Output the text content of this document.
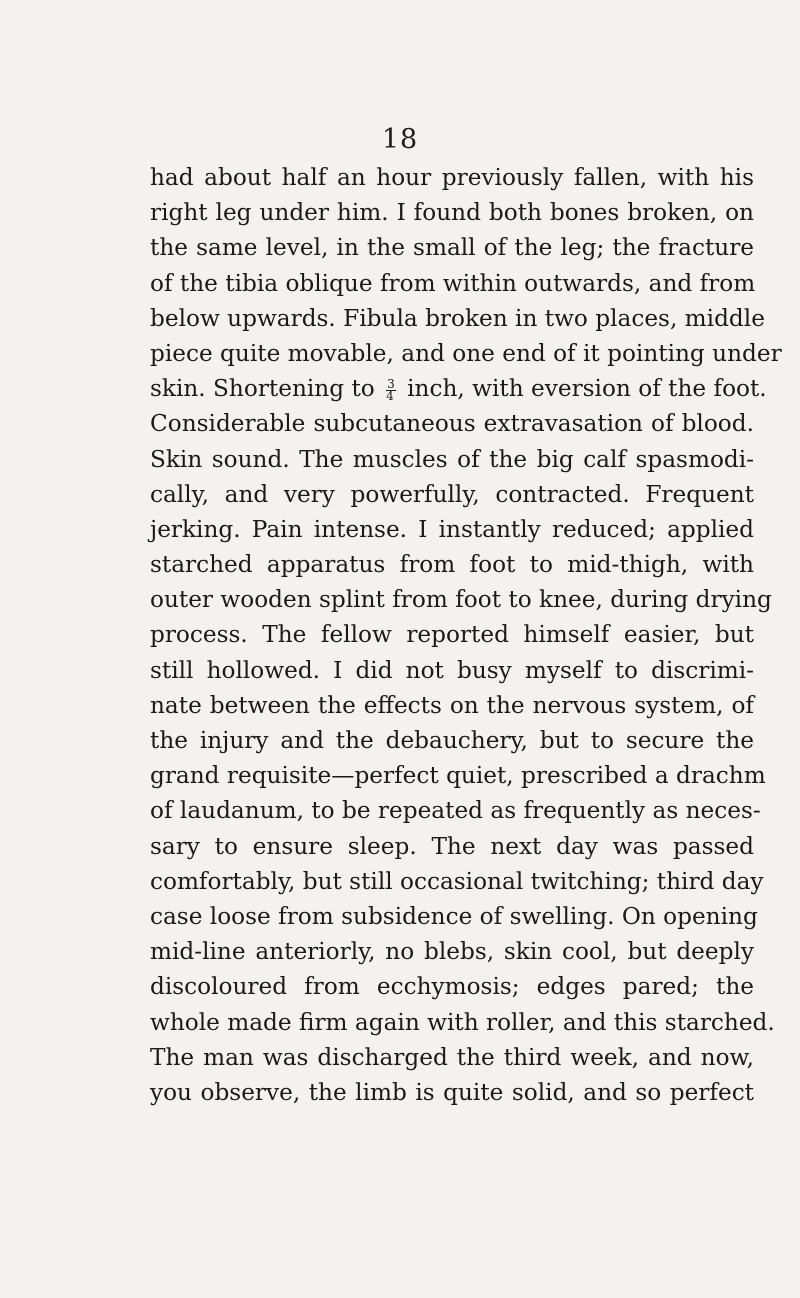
18
had about half an hour previously fallen, with his
right leg under him. I found both bones broken, on
the same level, in the small of the leg; the fracture
of the tibia oblique from within outwards, and from
below upwards. Fibula broken in two places, middle
piece quite movable, and one end of it pointing under
skin. Shortening to $\frac{3}{4}$ inch, with eversion of the foot.
Considerable subcutaneous extravasation of blood.
Skin sound. The muscles of the big calf spasmodi-
cally, and very powerfully, contracted. Frequent
jerking. Pain intense. I instantly reduced; applied
starched apparatus from foot to mid-thigh, with
outer wooden splint from foot to knee, during drying
process. The fellow reported himself easier, but
still hollowed. I did not busy myself to discrimi-
nate between the effects on the nervous system, of
the injury and the debauchery, but to secure the
grand requisite—perfect quiet, prescribed a drachm
of laudanum, to be repeated as frequently as neces-
sary to ensure sleep. The next day was passed
comfortably, but still occasional twitching; third day
case loose from subsidence of swelling. On opening
mid-line anteriorly, no blebs, skin cool, but deeply
discoloured from ecchymosis; edges pared; the
whole made firm again with roller, and this starched.
The man was discharged the third week, and now,
you observe, the limb is quite solid, and so perfect
